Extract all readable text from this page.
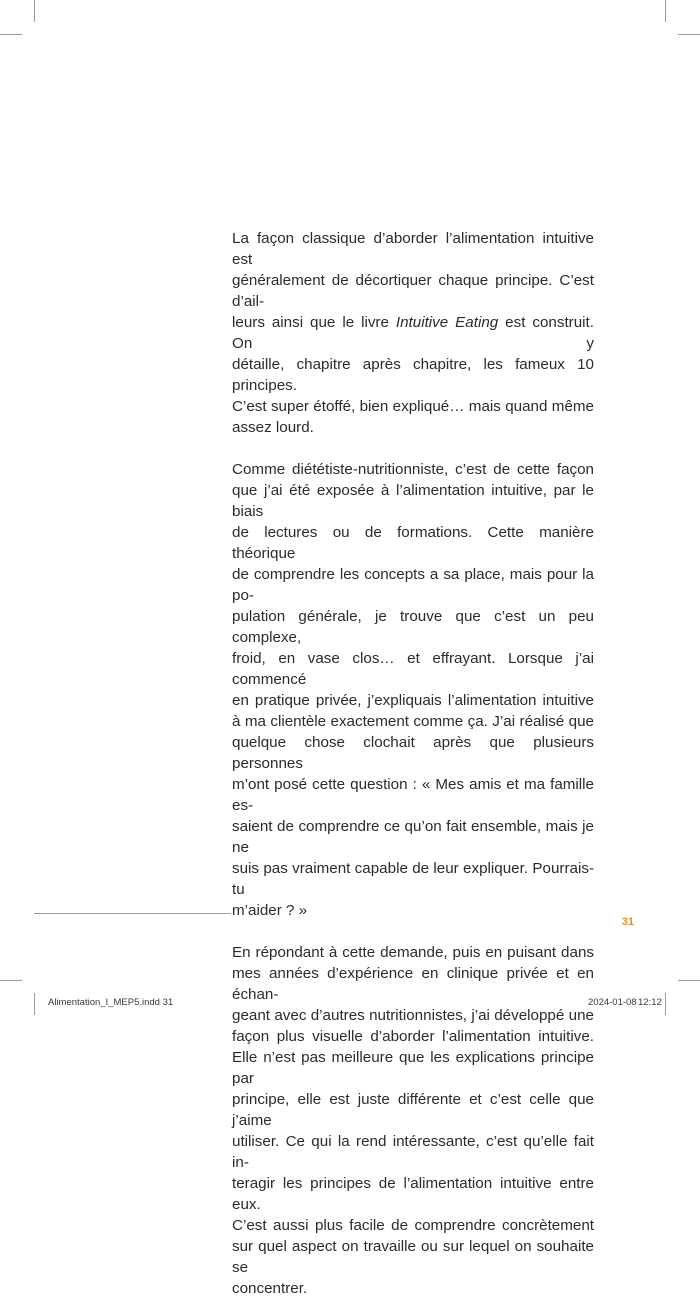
La façon classique d’aborder l’alimentation intuitive est
généralement de décortiquer chaque principe. C’est d’ail-
leurs ainsi que le livre Intuitive Eating est construit. On y
détaille, chapitre après chapitre, les fameux 10 principes.
C’est super étoffé, bien expliqué… mais quand même
assez lourd.
Comme diététiste-nutritionniste, c’est de cette façon
que j’ai été exposée à l’alimentation intuitive, par le biais
de lectures ou de formations. Cette manière théorique
de comprendre les concepts a sa place, mais pour la po-
pulation générale, je trouve que c’est un peu complexe,
froid, en vase clos… et effrayant. Lorsque j’ai commencé
en pratique privée, j’expliquais l’alimentation intuitive
à ma clientèle exactement comme ça. J’ai réalisé que
quelque chose clochait après que plusieurs personnes
m’ont posé cette question : « Mes amis et ma famille es-
saient de comprendre ce qu’on fait ensemble, mais je ne
suis pas vraiment capable de leur expliquer. Pourrais-tu
m’aider ? »
En répondant à cette demande, puis en puisant dans
mes années d’expérience en clinique privée et en échan-
geant avec d’autres nutritionnistes, j’ai développé une
façon plus visuelle d’aborder l’alimentation intuitive.
Elle n’est pas meilleure que les explications principe par
principe, elle est juste différente et c’est celle que j’aime
utiliser. Ce qui la rend intéressante, c’est qu’elle fait in-
teragir les principes de l’alimentation intuitive entre eux.
C’est aussi plus facile de comprendre concrètement
sur quel aspect on travaille ou sur lequel on souhaite se
concentrer.
31
Alimentation_I_MEP5.indd 31	2024-01-08 12:12
